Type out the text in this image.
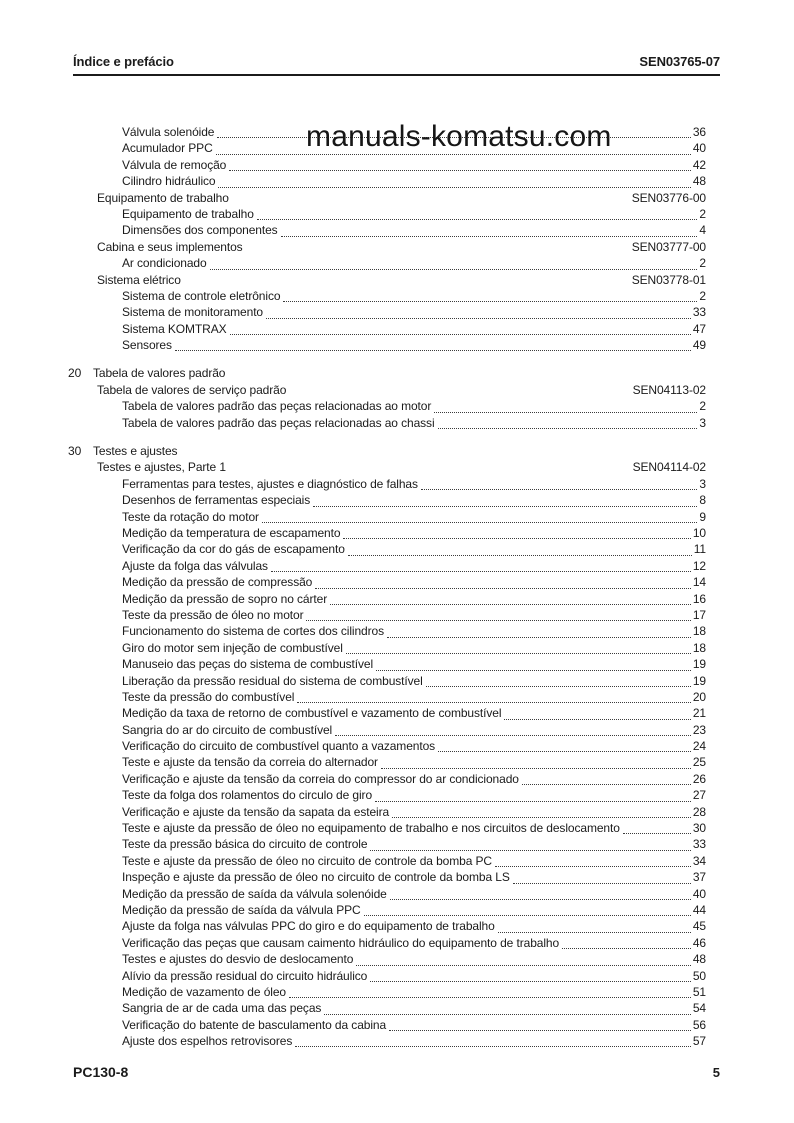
Índice e prefácio	SEN03765-07
manuals-komatsu.com
Válvula solenóide	36
Acumulador PPC	40
Válvula de remoção	42
Cilindro hidráulico	48
Equipamento de trabalho	SEN03776-00
Equipamento de trabalho	2
Dimensões dos componentes	4
Cabina e seus implementos	SEN03777-00
Ar condicionado	2
Sistema elétrico	SEN03778-01
Sistema de controle eletrônico	2
Sistema de monitoramento	33
Sistema KOMTRAX	47
Sensores	49
20 Tabela de valores padrão
Tabela de valores de serviço padrão	SEN04113-02
Tabela de valores padrão das peças relacionadas ao motor	2
Tabela de valores padrão das peças relacionadas ao chassi	3
30 Testes e ajustes
Testes e ajustes, Parte 1	SEN04114-02
Ferramentas para testes, ajustes e diagnóstico de falhas	3
Desenhos de ferramentas especiais	8
Teste da rotação do motor	9
Medição da temperatura de escapamento	10
Verificação da cor do gás de escapamento	11
Ajuste da folga das válvulas	12
Medição da pressão de compressão	14
Medição da pressão de sopro no cárter	16
Teste da pressão de óleo no motor	17
Funcionamento do sistema de cortes dos cilindros	18
Giro do motor sem injeção de combustível	18
Manuseio das peças do sistema de combustível	19
Liberação da pressão residual do sistema de combustível	19
Teste da pressão do combustível	20
Medição da taxa de retorno de combustível e vazamento de combustível	21
Sangria do ar do circuito de combustível	23
Verificação do circuito de combustível quanto a vazamentos	24
Teste e ajuste da tensão da correia do alternador	25
Verificação e ajuste da tensão da correia do compressor do ar condicionado	26
Teste da folga dos rolamentos do circulo de giro	27
Verificação e ajuste da tensão da sapata da esteira	28
Teste e ajuste da pressão de óleo no equipamento de trabalho e nos circuitos de deslocamento	30
Teste da pressão básica do circuito de controle	33
Teste e ajuste da pressão de óleo no circuito de controle da bomba PC	34
Inspeção e ajuste da pressão de óleo no circuito de controle da bomba LS	37
Medição da pressão de saída da válvula solenóide	40
Medição da pressão de saída da válvula PPC	44
Ajuste da folga nas válvulas PPC do giro e do equipamento de trabalho	45
Verificação das peças que causam caimento hidráulico do equipamento de trabalho	46
Testes e ajustes do desvio de deslocamento	48
Alívio da pressão residual do circuito hidráulico	50
Medição de vazamento de óleo	51
Sangria de ar de cada uma das peças	54
Verificação do batente de basculamento da cabina	56
Ajuste dos espelhos retrovisores	57
PC130-8	5
